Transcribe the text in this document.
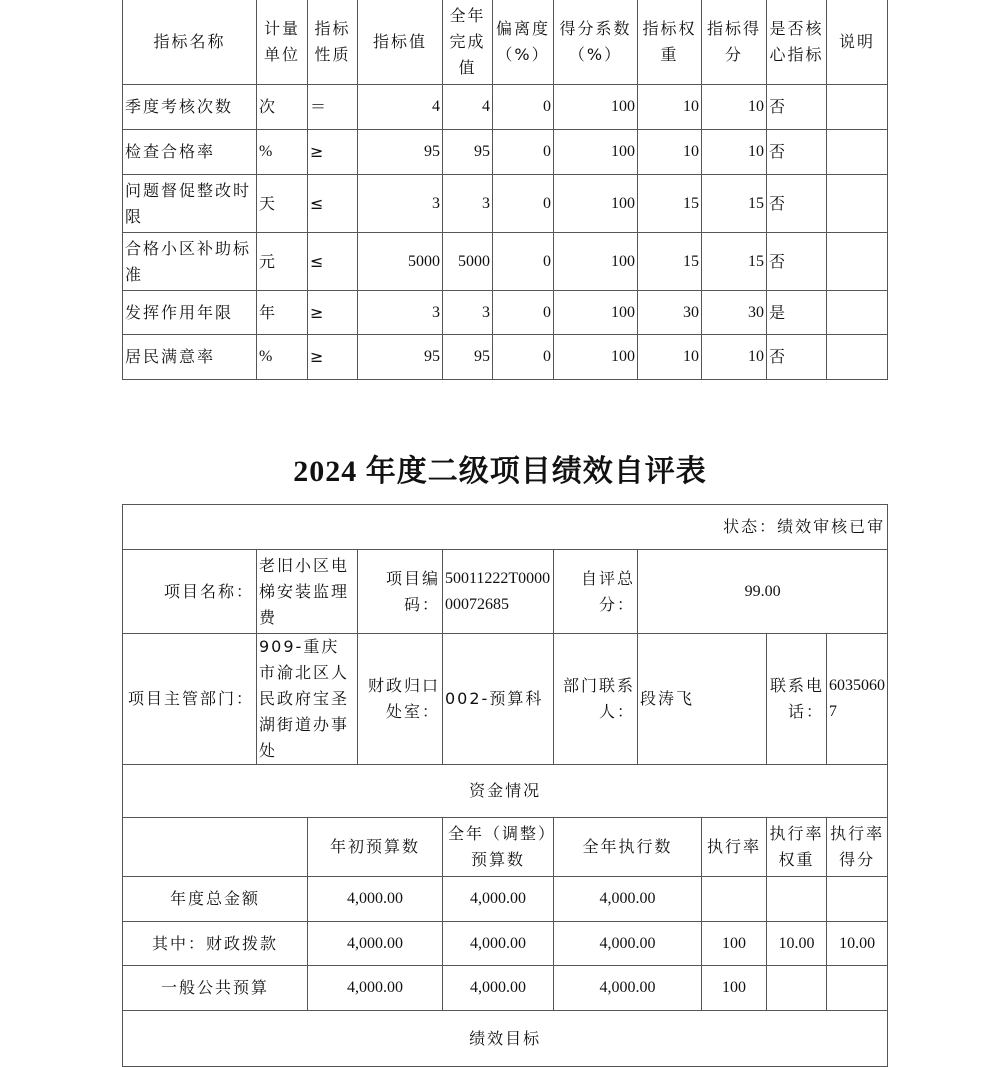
指标名称	计量单位	指标性质	指标值	全年完成值	偏离度（%）	得分系数（%）	指标权重	指标得分	是否核心指标	说明
季度考核次数	次	＝	4	4	0	100	10	10	否	
检查合格率	%	≥	95	95	0	100	10	10	否	
问题督促整改时限	天	≤	3	3	0	100	15	15	否	
合格小区补助标准	元	≤	5000	5000	0	100	15	15	否	
发挥作用年限	年	≥	3	3	0	100	30	30	是	
居民满意率	%	≥	95	95	0	100	10	10	否	
2024 年度二级项目绩效自评表
状态：绩效审核已审									
项目名称：	老旧小区电梯安装监理费		项目编码：	50011222T000000072685	自评总分：	99.00			
项目主管部门：	909-重庆市渝北区人民政府宝圣湖街道办事处		财政归口处室：	002-预算科	部门联系人：	段涛飞		联系电话：	60350607
资金情况									
		年初预算数		全年（调整）预算数	全年执行数		执行率	执行率权重	执行率得分
年度总金额		4,000.00		4,000.00	4,000.00				
其中：财政拨款		4,000.00		4,000.00	4,000.00		100	10.00	10.00
一般公共预算		4,000.00		4,000.00	4,000.00		100		
绩效目标									
